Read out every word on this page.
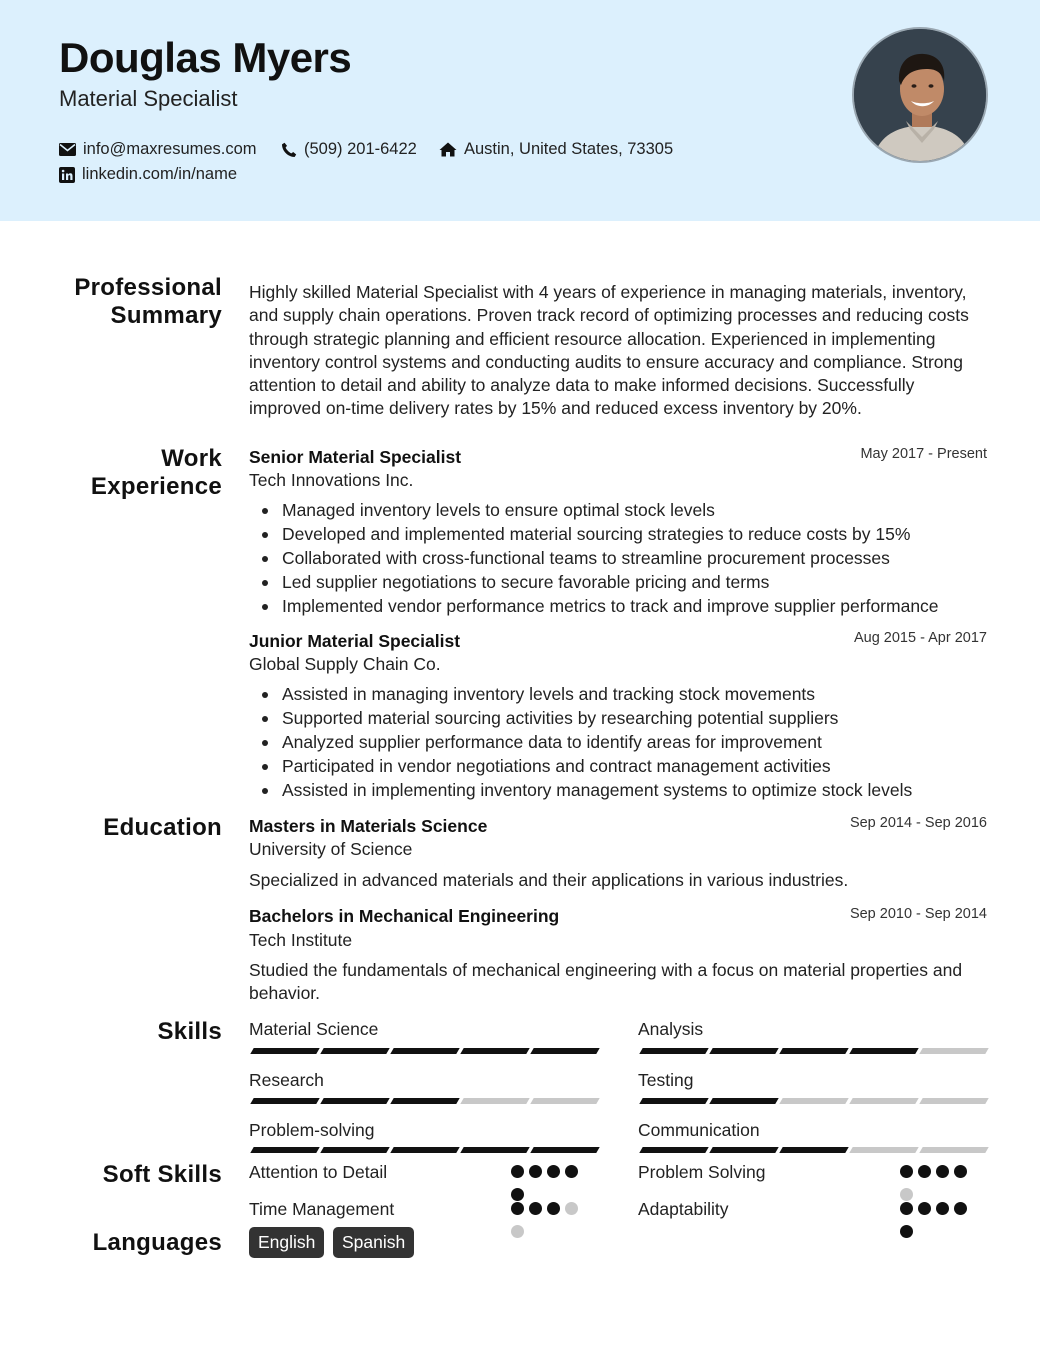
Douglas Myers
Material Specialist
info@maxresumes.com	(509) 201-6422	Austin, United States, 73305
linkedin.com/in/name
Professional
Summary
Highly skilled Material Specialist with 4 years of experience in managing materials, inventory, and supply chain operations. Proven track record of optimizing processes and reducing costs through strategic planning and efficient resource allocation. Experienced in implementing inventory control systems and conducting audits to ensure accuracy and compliance. Strong attention to detail and ability to analyze data to make informed decisions. Successfully improved on-time delivery rates by 15% and reduced excess inventory by 20%.
Work
Experience
Senior Material Specialist	May 2017 - Present
Tech Innovations Inc.
Managed inventory levels to ensure optimal stock levels
Developed and implemented material sourcing strategies to reduce costs by 15%
Collaborated with cross-functional teams to streamline procurement processes
Led supplier negotiations to secure favorable pricing and terms
Implemented vendor performance metrics to track and improve supplier performance
Junior Material Specialist	Aug 2015 - Apr 2017
Global Supply Chain Co.
Assisted in managing inventory levels and tracking stock movements
Supported material sourcing activities by researching potential suppliers
Analyzed supplier performance data to identify areas for improvement
Participated in vendor negotiations and contract management activities
Assisted in implementing inventory management systems to optimize stock levels
Education Masters in Materials Science	Sep 2014 - Sep 2016
University of Science
Specialized in advanced materials and their applications in various industries.
Bachelors in Mechanical Engineering	Sep 2010 - Sep 2014
Tech Institute
Studied the fundamentals of mechanical engineering with a focus on material properties and behavior.
Skills Material Science	Analysis
Research	Testing
Problem-solving	Communication
Soft Skills Attention to Detail	Problem Solving
Time Management	Adaptability
Languages	English	Spanish
